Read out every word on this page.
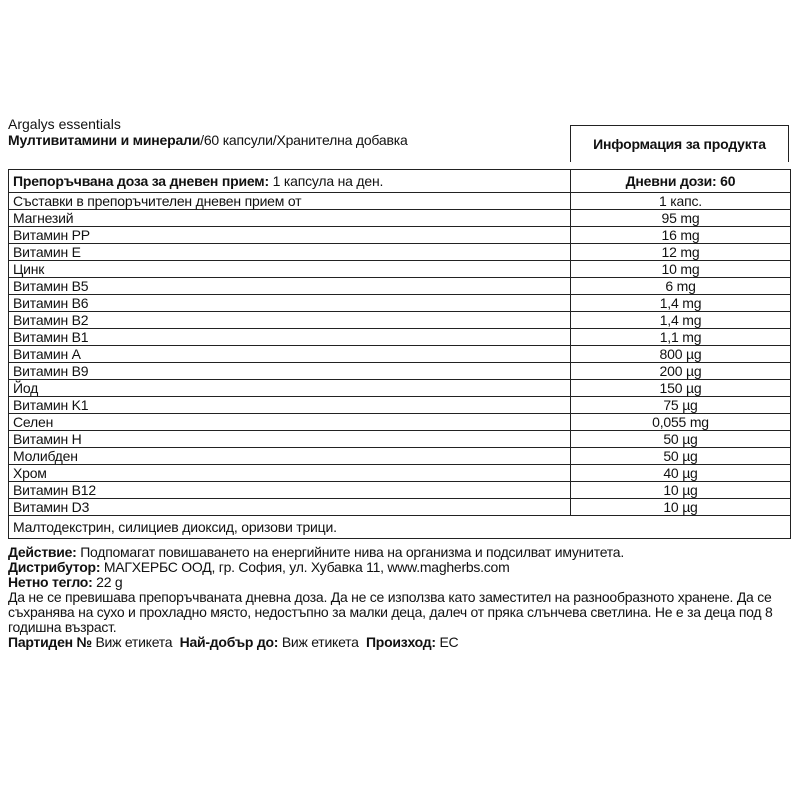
Argalys essentials
Мултивитамини и минерали/60 капсули/Хранителна добавка	Информация за продукта
Препоръчвана доза за дневен прием: 1 капсула на ден.	Дневни дози: 60
Съставки в препоръчителен дневен прием от	1 капс.
Магнезий	95 mg
Витамин PP	16 mg
Витамин Е	12 mg
Цинк	10 mg
Витамин B5	6 mg
Витамин B6	1,4 mg
Витамин B2	1,4 mg
Витамин B1	1,1 mg
Витамин А	800 µg
Витамин B9	200 µg
Йод	150 µg
Витамин K1	75 µg
Селен	0,055 mg
Витамин Н	50 µg
Молибден	50 µg
Хром	40 µg
Витамин B12	10 µg
Витамин D3	10 µg
Малтодекстрин, силициев диоксид, оризови трици.	
Действие: Подпомагат повишаването на енергийните нива на организма и подсилват имунитета.
Дистрибутор: МАГХЕРБС ООД, гр. София, ул. Хубавка 11, www.magherbs.com
Нетно тегло: 22 g
Да не се превишава препоръчваната дневна доза. Да не се използва като заместител на разнообразното хранене. Да се съхранява на сухо и прохладно място, недостъпно за малки деца, далеч от пряка слънчева светлина. Не е за деца под 8 годишна възраст.
Партиден № Виж етикета Най-добър до: Виж етикета Произход: ЕС
